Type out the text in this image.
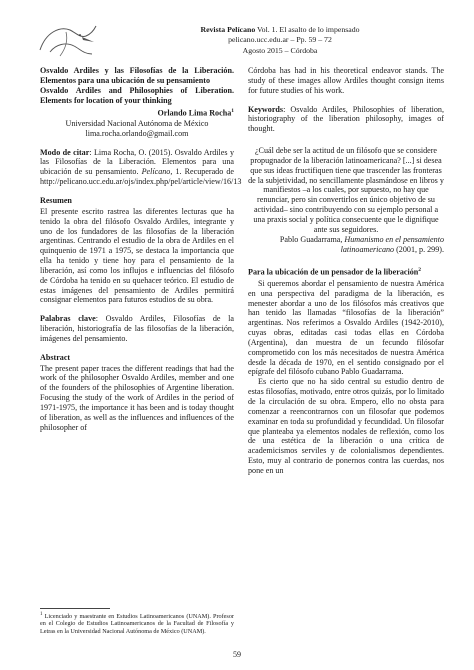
Revista Pelícano Vol. 1. El asalto de lo impensado
pelicano.ucc.edu.ar – Pp. 59 – 72
Agosto 2015 – Córdoba

Osvaldo Ardiles y las Filosofías de la Liberación. Elementos para una ubicación de su pensamiento

Osvaldo Ardiles and Philosophies of Liberation. Elements for location of your thinking

Orlando Lima Rocha$^1$
Universidad Nacional Autónoma de México
lima.rocha.orlando@gmail.com

Modo de citar: Lima Rocha, O. (2015). Osvaldo Ardiles y las Filosofías de la Liberación. Elementos para una ubicación de su pensamiento. Pelícano, 1. Recuperado de http://pelicano.ucc.edu.ar/ojs/index.php/pel/article/view/16/13

Resumen

El presente escrito rastrea las diferentes lecturas que ha tenido la obra del filósofo Osvaldo Ardiles, integrante y uno de los fundadores de las filosofías de la liberación argentinas. Centrando el estudio de la obra de Ardiles en el quinquenio de 1971 a 1975, se destaca la importancia que ella ha tenido y tiene hoy para el pensamiento de la liberación, así como los influjos e influencias del filósofo de Córdoba ha tenido en su quehacer teórico. El estudio de estas imágenes del pensamiento de Ardiles permitirá consignar elementos para futuros estudios de su obra.

Palabras clave: Osvaldo Ardiles, Filosofías de la liberación, historiografía de las filosofías de la liberación, imágenes del pensamiento.

Abstract

The present paper traces the different readings that had the work of the philosopher Osvaldo Ardiles, member and one of the founders of the philosophies of Argentine liberation. Focusing the study of the work of Ardiles in the period of 1971-1975, the importance it has been and is today thought of liberation, as well as the influences and influences of the philosopher of

Córdoba has had in his theoretical endeavor stands. The study of these images allow Ardiles thought consign items for future studies of his work.

Keywords: Osvaldo Ardiles, Philosophies of liberation, historiography of the liberation philosophy, images of thought.

¿Cuál debe ser la actitud de un filósofo que se considere propugnador de la liberación latinoamericana? [...] si desea que sus ideas fructifiquen tiene que trascender las fronteras de la subjetividad, no sencillamente plasmándose en libros y manifiestos –a los cuales, por supuesto, no hay que renunciar, pero sin convertirlos en único objetivo de su actividad– sino contribuyendo con su ejemplo personal a una praxis social y política consecuente que le dignifique ante sus seguidores.

Pablo Guadarrama, Humanismo en el pensamiento latinoamericano (2001, p. 299).

Para la ubicación de un pensador de la liberación$^2$

Si queremos abordar el pensamiento de nuestra América en una perspectiva del paradigma de la liberación, es menester abordar a uno de los filósofos más creativos que han tenido las llamadas “filosofías de la liberación” argentinas. Nos referimos a Osvaldo Ardiles (1942-2010), cuyas obras, editadas casi todas ellas en Córdoba (Argentina), dan muestra de un fecundo filósofar comprometido con los más necesitados de nuestra América desde la década de 1970, en el sentido consignado por el epígrafe del filósofo cubano Pablo Guadarrama.

Es cierto que no ha sido central su estudio dentro de estas filosofías, motivado, entre otros quizás, por lo limitado de la circulación de su obra. Empero, ello no obsta para comenzar a reencontrarnos con un filosofar que podemos examinar en toda su profundidad y fecundidad. Un filosofar que planteaba ya elementos nodales de reflexión, como los de una estética de la liberación o una crítica de academicismos serviles y de colonialismos dependientes. Esto, muy al contrario de ponernos contra las cuerdas, nos pone en un

$^1$ Licenciado y maestrante en Estudios Latinoamericanos (UNAM). Profesor en el Colegio de Estudios Latinoamericanos de la Facultad de Filosofía y Letras en la Universidad Nacional Autónoma de México (UNAM).

59
